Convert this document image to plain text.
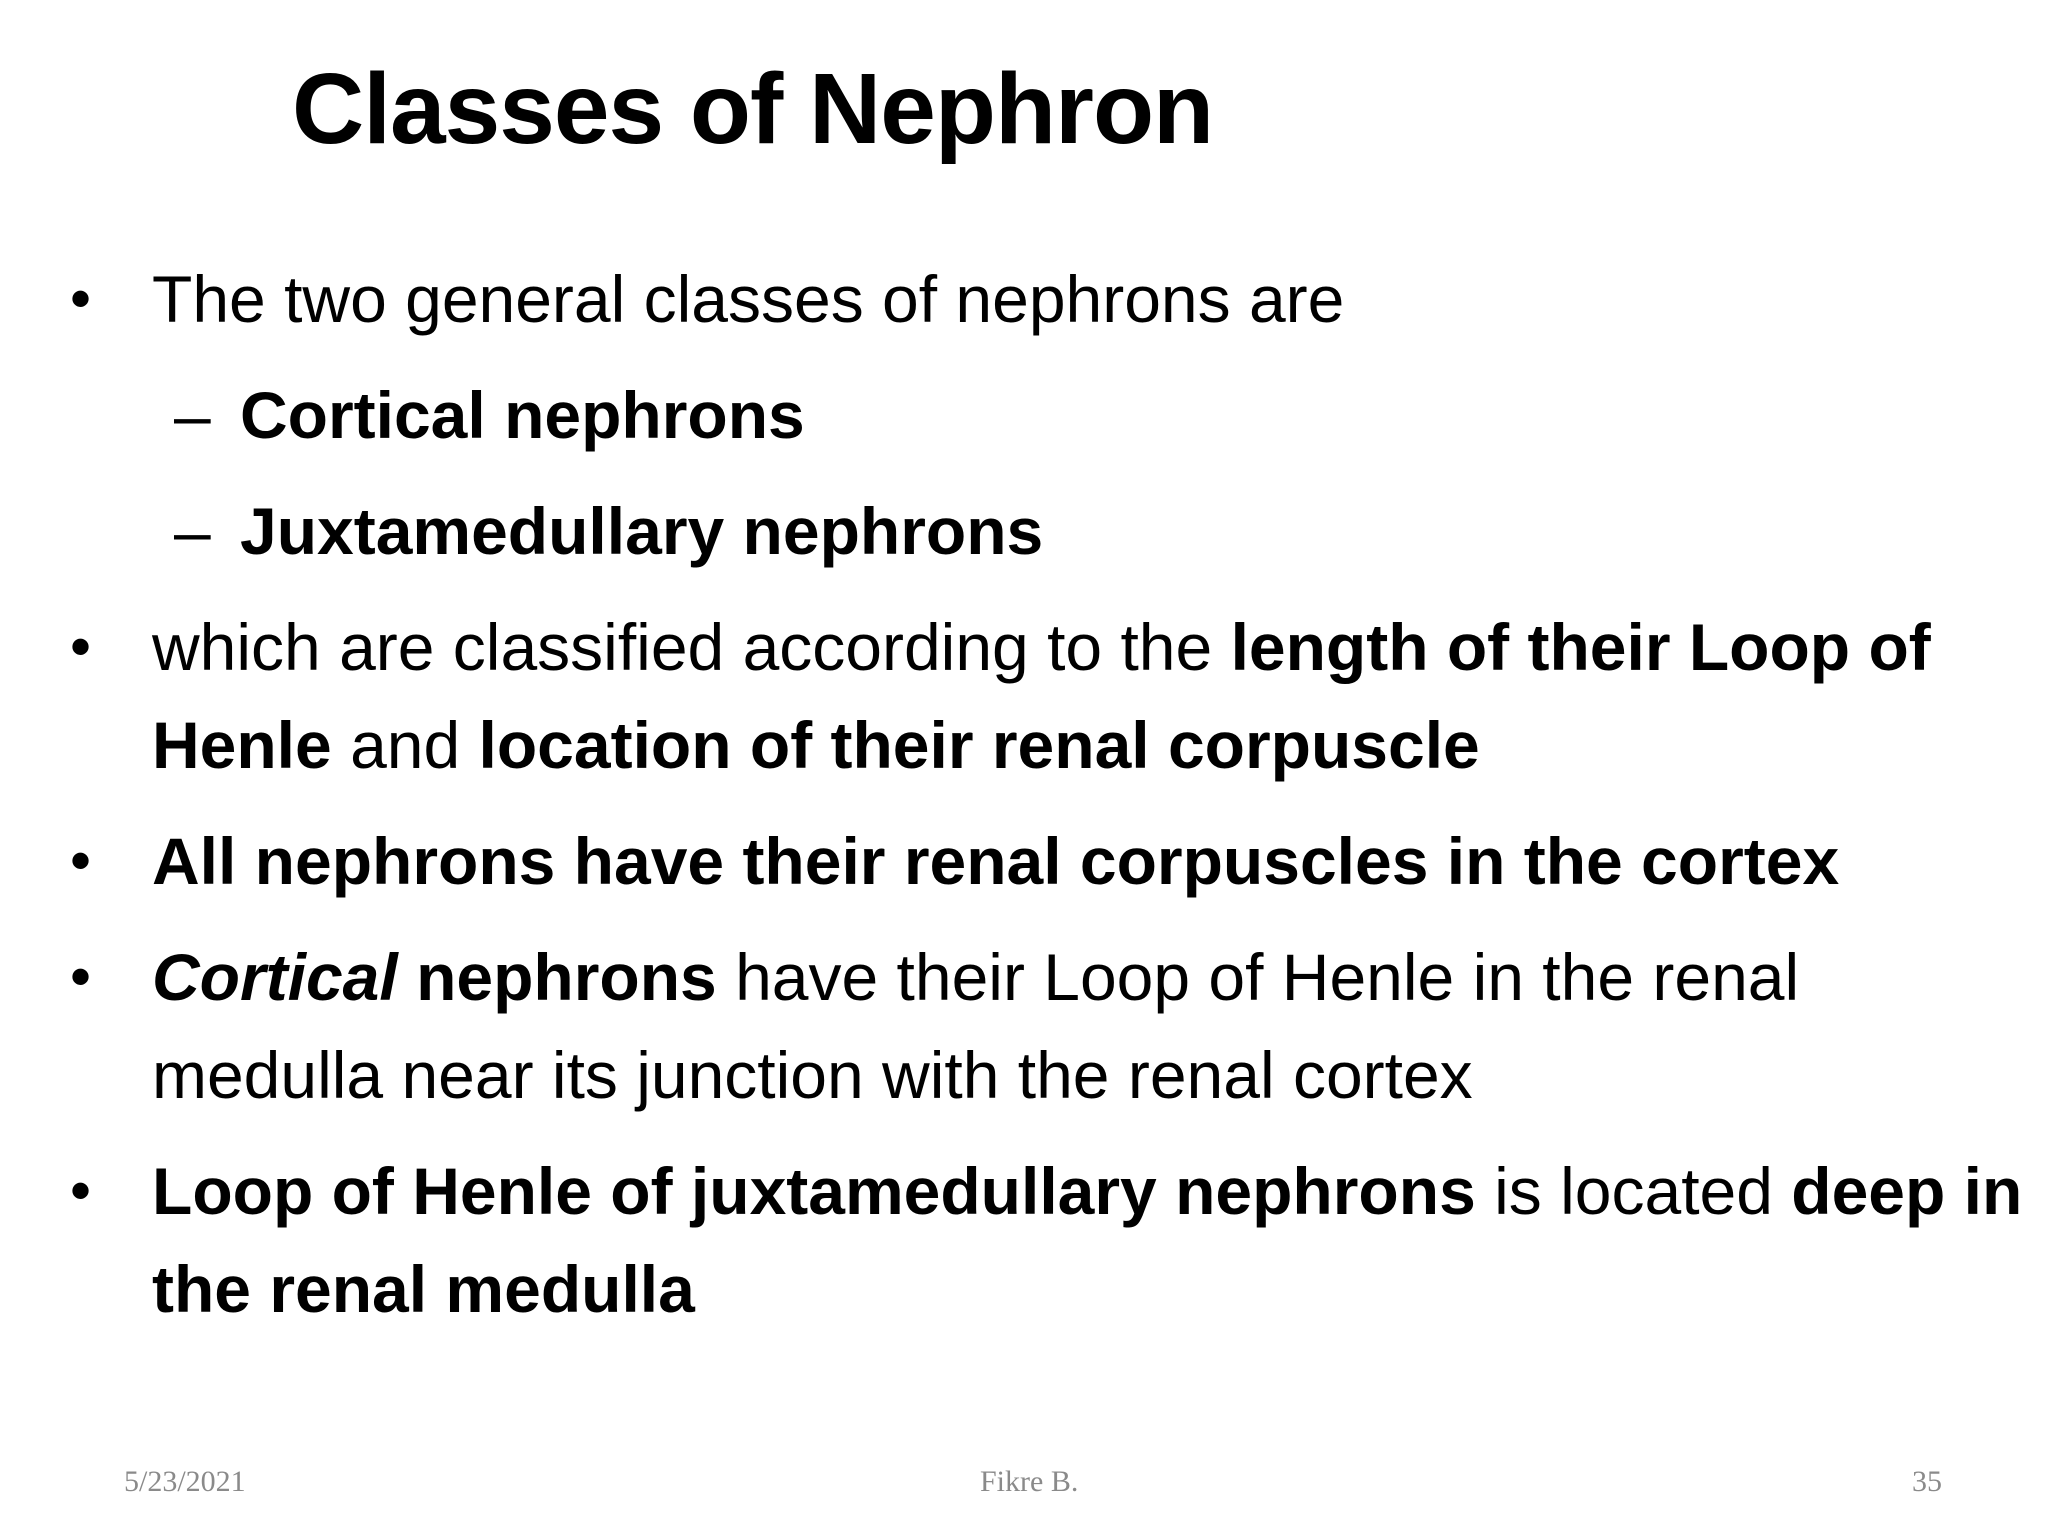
Classes of Nephron
• The two general classes of nephrons are
– Cortical nephrons
– Juxtamedullary nephrons
• which are classified according to the length of their Loop of Henle and location of their renal corpuscle
• All nephrons have their renal corpuscles in the cortex
• Cortical nephrons have their Loop of Henle in the renal medulla near its junction with the renal cortex
• Loop of Henle of juxtamedullary nephrons is located deep in the renal medulla
5/23/2021	Fikre B.	35
